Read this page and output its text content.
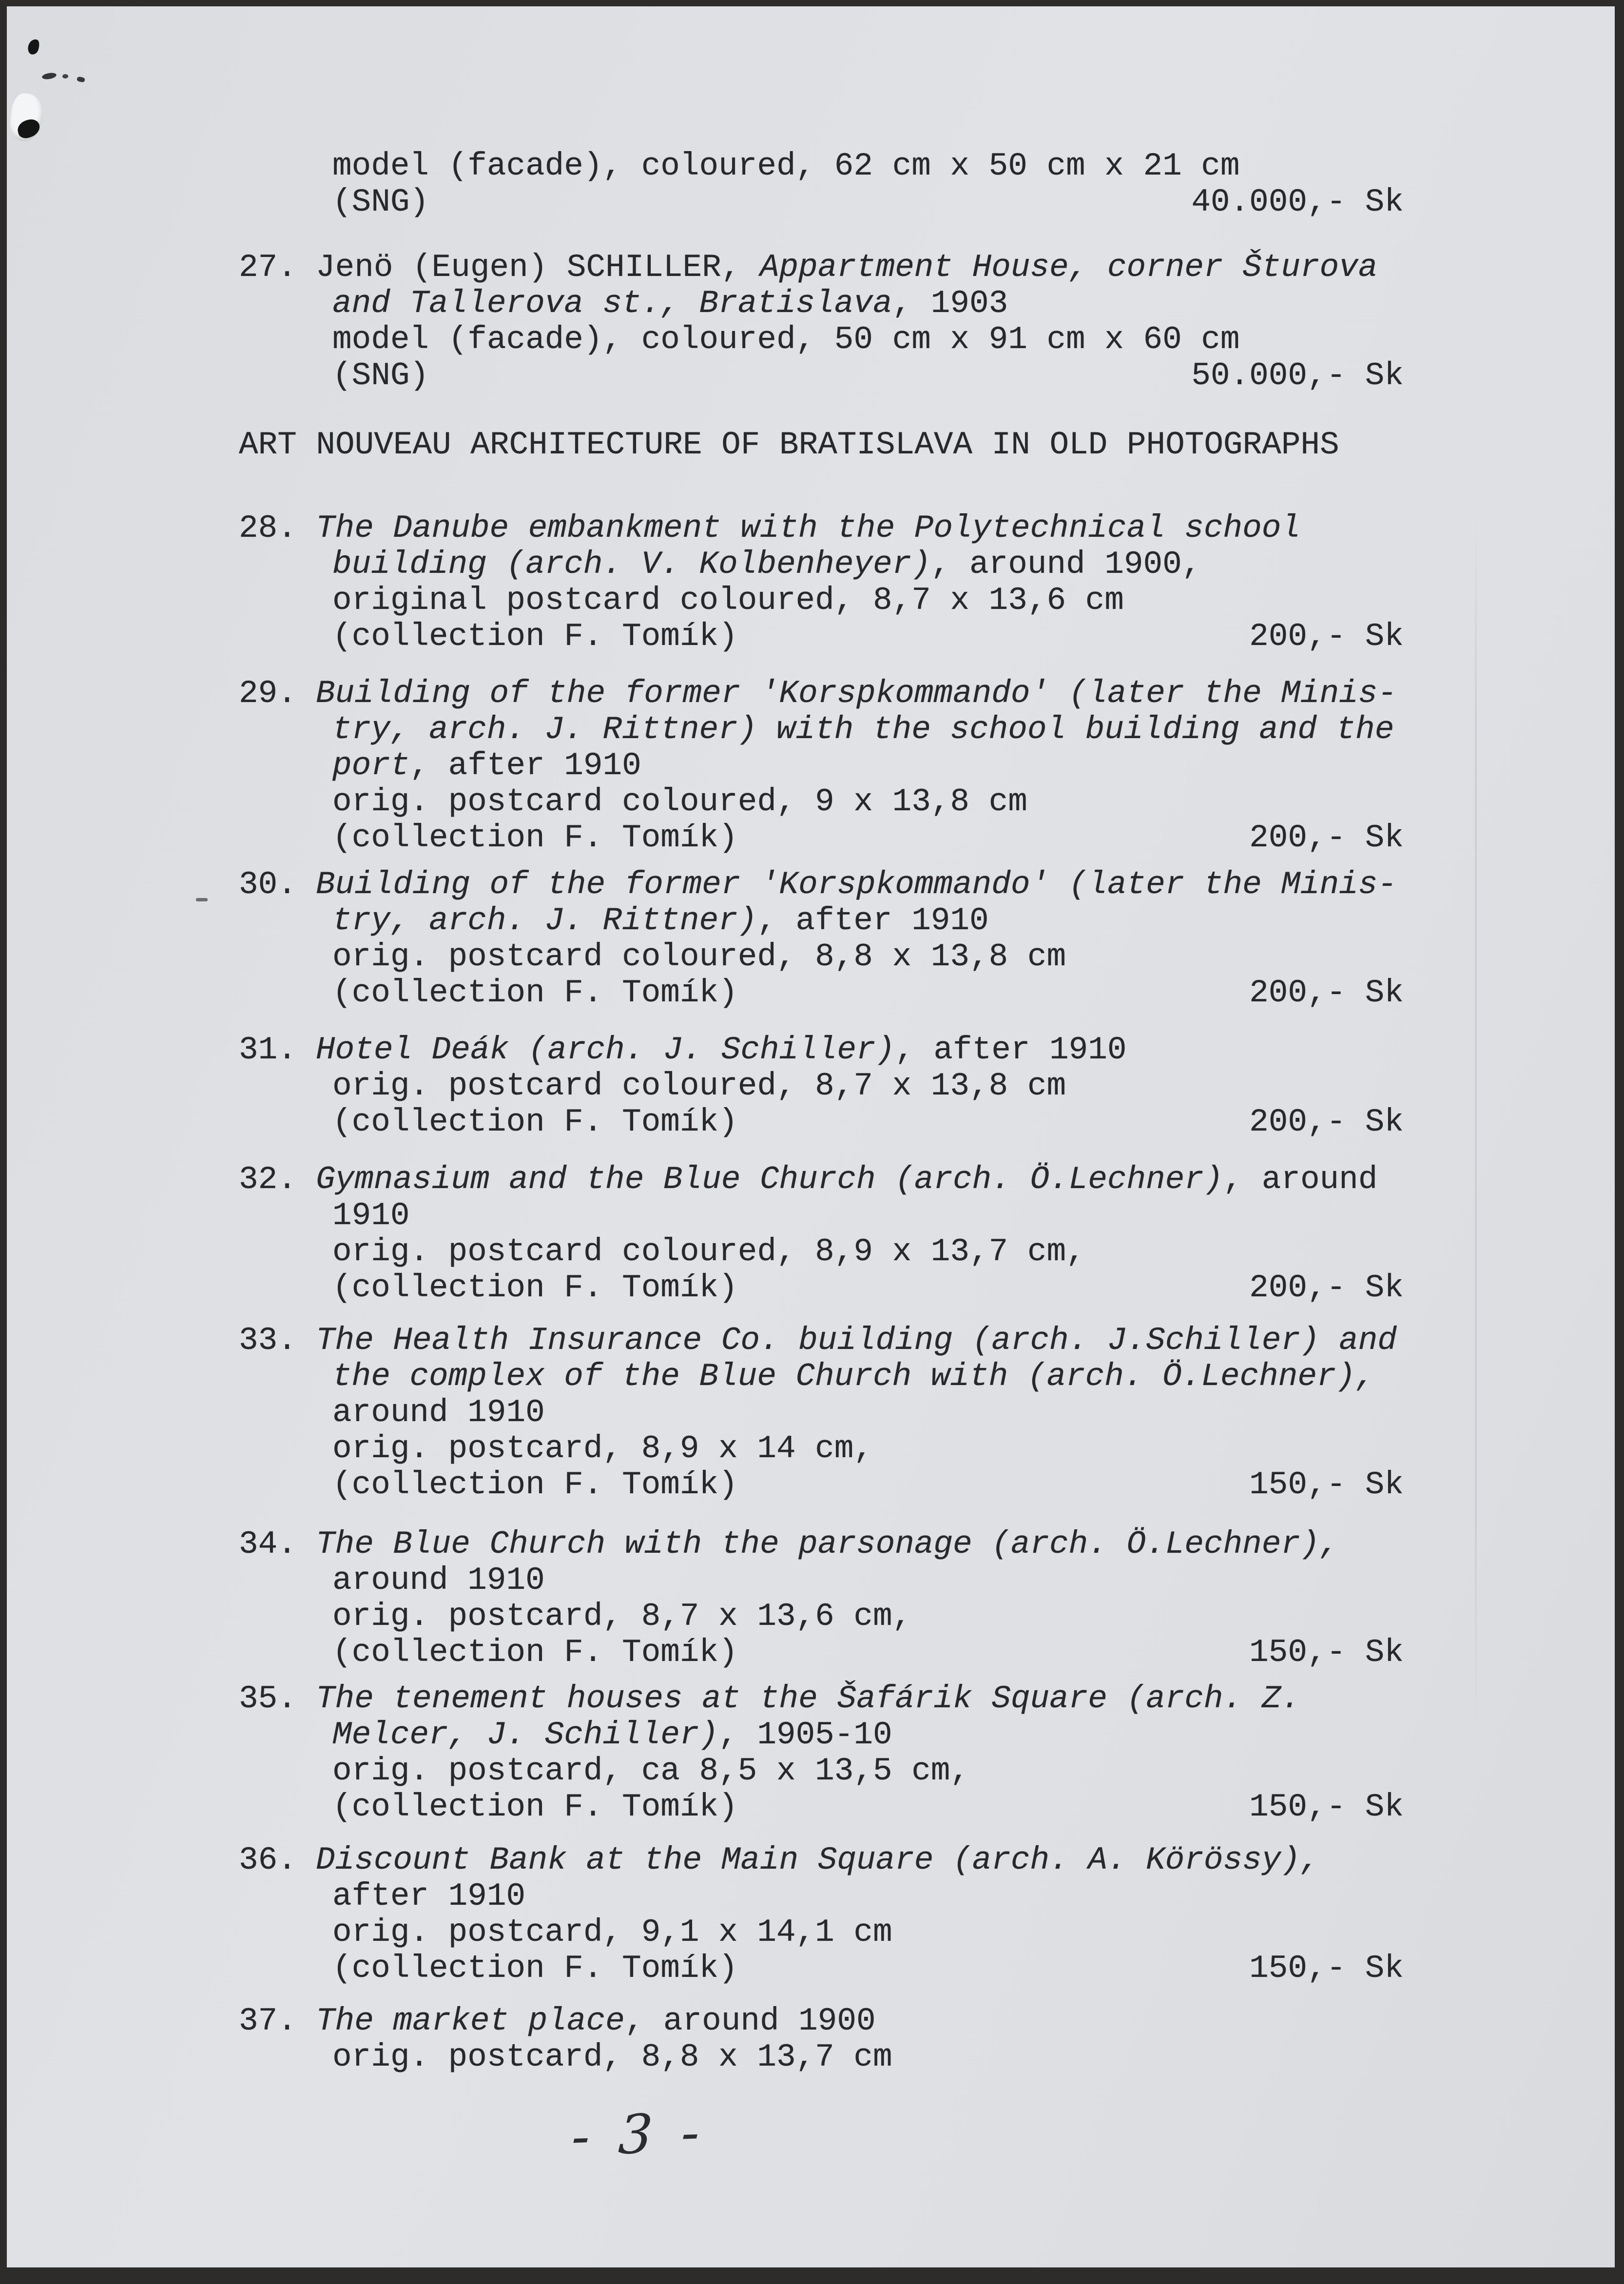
model (facade), coloured, 62 cm x 50 cm x 21 cm
(SNG)	40.000,- Sk
ART NOUVEAU ARCHITECTURE OF BRATISLAVA IN OLD PHOTOGRAPHS
27. Jenö (Eugen) SCHILLER, Appartment House, corner Šturova
and Tallerova st., Bratislava, 1903
model (facade), coloured, 50 cm x 91 cm x 60 cm
(SNG)	50.000,- Sk
28. The Danube embankment with the Polytechnical school
building (arch. V. Kolbenheyer), around 1900,
original postcard coloured, 8,7 x 13,6 cm
(collection F. Tomík)	200,- Sk
29. Building of the former 'Korspkommando' (later the Minis-
try, arch. J. Rittner) with the school building and the
port, after 1910
orig. postcard coloured, 9 x 13,8 cm
(collection F. Tomík)	200,- Sk
30. Building of the former 'Korspkommando' (later the Minis-
try, arch. J. Rittner), after 1910
orig. postcard coloured, 8,8 x 13,8 cm
(collection F. Tomík)	200,- Sk
31. Hotel Deák (arch. J. Schiller), after 1910
orig. postcard coloured, 8,7 x 13,8 cm
(collection F. Tomík)	200,- Sk
32. Gymnasium and the Blue Church (arch. Ö.Lechner), around
1910
orig. postcard coloured, 8,9 x 13,7 cm,
(collection F. Tomík)	200,- Sk
33. The Health Insurance Co. building (arch. J.Schiller) and
the complex of the Blue Church with (arch. Ö.Lechner),
around 1910
orig. postcard, 8,9 x 14 cm,
(collection F. Tomík)	150,- Sk
34. The Blue Church with the parsonage (arch. Ö.Lechner),
around 1910
orig. postcard, 8,7 x 13,6 cm,
(collection F. Tomík)	150,- Sk
35. The tenement houses at the Šafárik Square (arch. Z.
Melcer, J. Schiller), 1905-10
orig. postcard, ca 8,5 x 13,5 cm,
(collection F. Tomík)	150,- Sk
36. Discount Bank at the Main Square (arch. A. Körössy),
after 1910
orig. postcard, 9,1 x 14,1 cm
(collection F. Tomík)	150,- Sk
37. The market place, around 1900
orig. postcard, 8,8 x 13,7 cm
- 3 -
